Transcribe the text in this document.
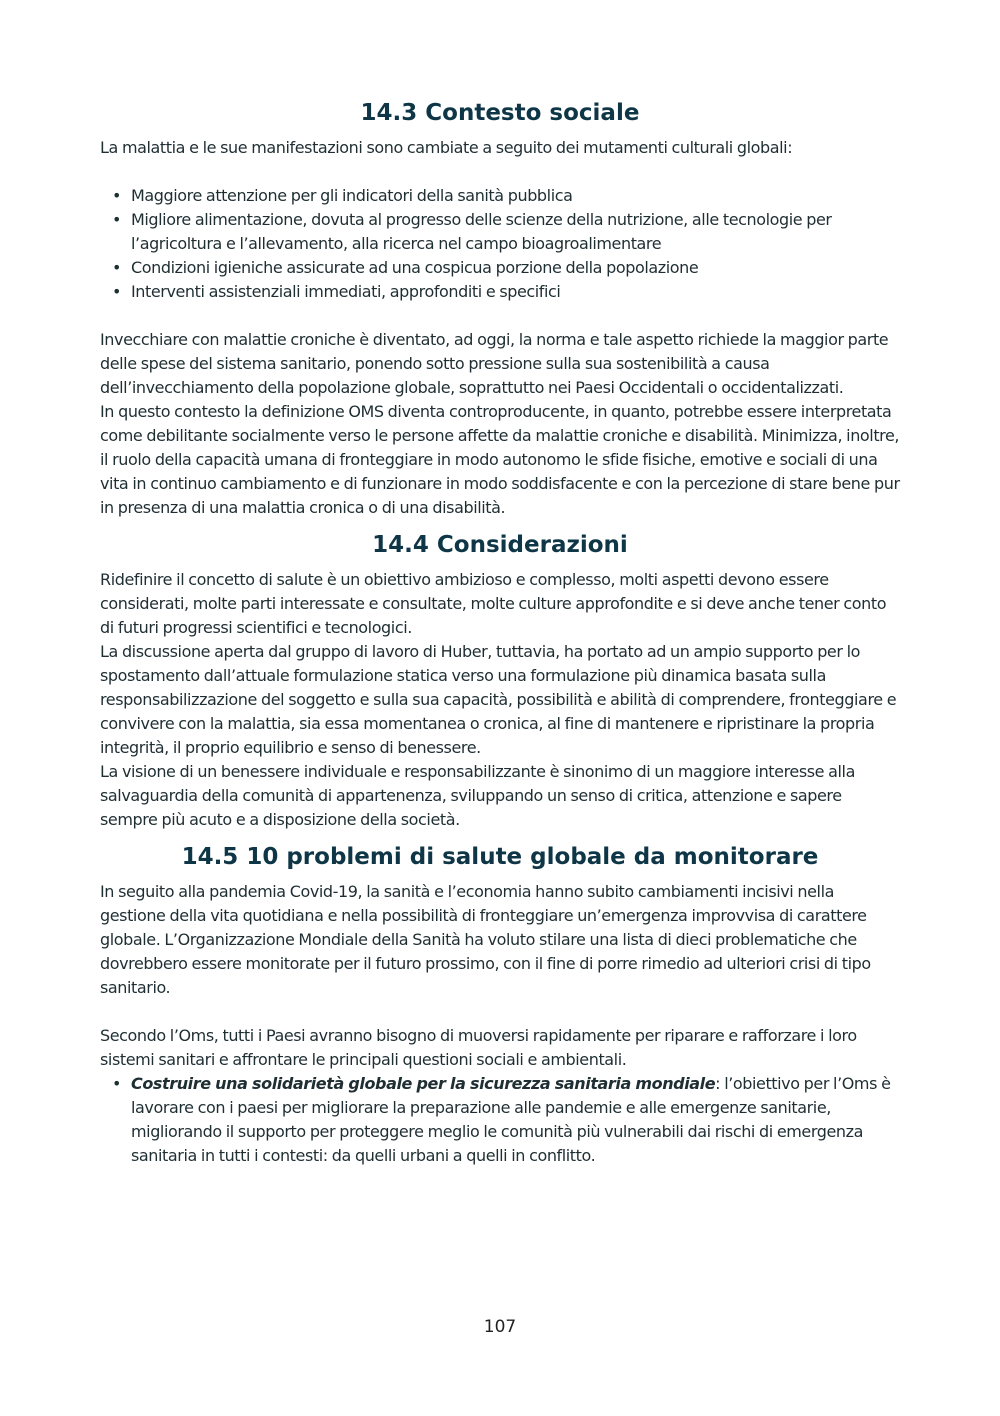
14.3 Contesto sociale

La malattia e le sue manifestazioni sono cambiate a seguito dei mutamenti culturali globali:

• Maggiore attenzione per gli indicatori della sanità pubblica
• Migliore alimentazione, dovuta al progresso delle scienze della nutrizione, alle tecnologie per l’agricoltura e l’allevamento, alla ricerca nel campo bioagroalimentare
• Condizioni igieniche assicurate ad una cospicua porzione della popolazione
• Interventi assistenziali immediati, approfonditi e specifici

Invecchiare con malattie croniche è diventato, ad oggi, la norma e tale aspetto richiede la maggior parte delle spese del sistema sanitario, ponendo sotto pressione sulla sua sostenibilità a causa dell’invecchiamento della popolazione globale, soprattutto nei Paesi Occidentali o occidentalizzati.

In questo contesto la definizione OMS diventa controproducente, in quanto, potrebbe essere interpretata come debilitante socialmente verso le persone affette da malattie croniche e disabilità. Minimizza, inoltre, il ruolo della capacità umana di fronteggiare in modo autonomo le sfide fisiche, emotive e sociali di una vita in continuo cambiamento e di funzionare in modo soddisfacente e con la percezione di stare bene pur in presenza di una malattia cronica o di una disabilità.

14.4 Considerazioni

Ridefinire il concetto di salute è un obiettivo ambizioso e complesso, molti aspetti devono essere considerati, molte parti interessate e consultate, molte culture approfondite e si deve anche tener conto di futuri progressi scientifici e tecnologici.

La discussione aperta dal gruppo di lavoro di Huber, tuttavia, ha portato ad un ampio supporto per lo spostamento dall’attuale formulazione statica verso una formulazione più dinamica basata sulla responsabilizzazione del soggetto e sulla sua capacità, possibilità e abilità di comprendere, fronteggiare e convivere con la malattia, sia essa momentanea o cronica, al fine di mantenere e ripristinare la propria integrità, il proprio equilibrio e senso di benessere.

La visione di un benessere individuale e responsabilizzante è sinonimo di un maggiore interesse alla salvaguardia della comunità di appartenenza, sviluppando un senso di critica, attenzione e sapere sempre più acuto e a disposizione della società.

14.5 10 problemi di salute globale da monitorare

In seguito alla pandemia Covid-19, la sanità e l’economia hanno subito cambiamenti incisivi nella gestione della vita quotidiana e nella possibilità di fronteggiare un’emergenza improvvisa di carattere globale. L’Organizzazione Mondiale della Sanità ha voluto stilare una lista di dieci problematiche che dovrebbero essere monitorate per il futuro prossimo, con il fine di porre rimedio ad ulteriori crisi di tipo sanitario.

Secondo l’Oms, tutti i Paesi avranno bisogno di muoversi rapidamente per riparare e rafforzare i loro sistemi sanitari e affrontare le principali questioni sociali e ambientali.

• Costruire una solidarietà globale per la sicurezza sanitaria mondiale: l’obiettivo per l’Oms è lavorare con i paesi per migliorare la preparazione alle pandemie e alle emergenze sanitarie, migliorando il supporto per proteggere meglio le comunità più vulnerabili dai rischi di emergenza sanitaria in tutti i contesti: da quelli urbani a quelli in conflitto.
107
